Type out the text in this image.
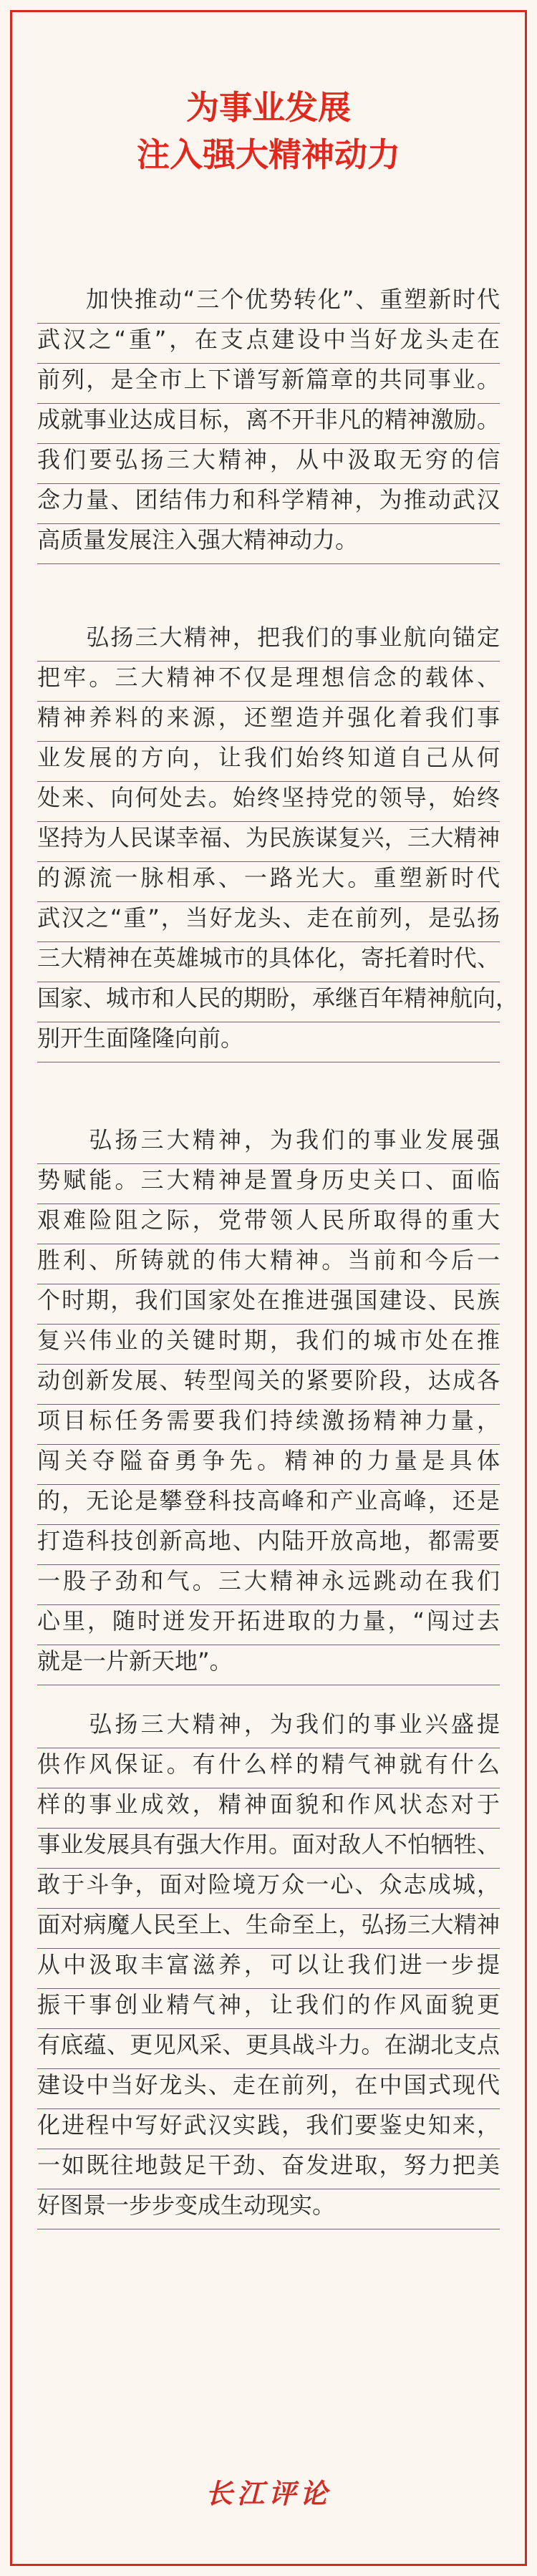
为事业发展
注入强大精神动力
　　加快推动“三个优势转化”、重塑新时代
武汉之“重”，在支点建设中当好龙头走在
前列，是全市上下谱写新篇章的共同事业。
成就事业达成目标，离不开非凡的精神激励。
我们要弘扬三大精神，从中汲取无穷的信
念力量、团结伟力和科学精神，为推动武汉
高质量发展注入强大精神动力。
　　弘扬三大精神，把我们的事业航向锚定
把牢。三大精神不仅是理想信念的载体、
精神养料的来源，还塑造并强化着我们事
业发展的方向，让我们始终知道自己从何
处来、向何处去。始终坚持党的领导，始终
坚持为人民谋幸福、为民族谋复兴，三大精神
的源流一脉相承、一路光大。重塑新时代
武汉之“重”，当好龙头、走在前列，是弘扬
三大精神在英雄城市的具体化，寄托着时代、
国家、城市和人民的期盼，承继百年精神航向，
别开生面隆隆向前。
　　弘扬三大精神，为我们的事业发展强
势赋能。三大精神是置身历史关口、面临
艰难险阻之际，党带领人民所取得的重大
胜利、所铸就的伟大精神。当前和今后一
个时期，我们国家处在推进强国建设、民族
复兴伟业的关键时期，我们的城市处在推
动创新发展、转型闯关的紧要阶段，达成各
项目标任务需要我们持续激扬精神力量，
闯关夺隘奋勇争先。精神的力量是具体
的，无论是攀登科技高峰和产业高峰，还是
打造科技创新高地、内陆开放高地，都需要
一股子劲和气。三大精神永远跳动在我们
心里，随时迸发开拓进取的力量，“闯过去
就是一片新天地”。
　　弘扬三大精神，为我们的事业兴盛提
供作风保证。有什么样的精气神就有什么
样的事业成效，精神面貌和作风状态对于
事业发展具有强大作用。面对敌人不怕牺牲、
敢于斗争，面对险境万众一心、众志成城，
面对病魔人民至上、生命至上，弘扬三大精神
从中汲取丰富滋养，可以让我们进一步提
振干事创业精气神，让我们的作风面貌更
有底蕴、更见风采、更具战斗力。在湖北支点
建设中当好龙头、走在前列，在中国式现代
化进程中写好武汉实践，我们要鉴史知来，
一如既往地鼓足干劲、奋发进取，努力把美
好图景一步步变成生动现实。
长江评论
